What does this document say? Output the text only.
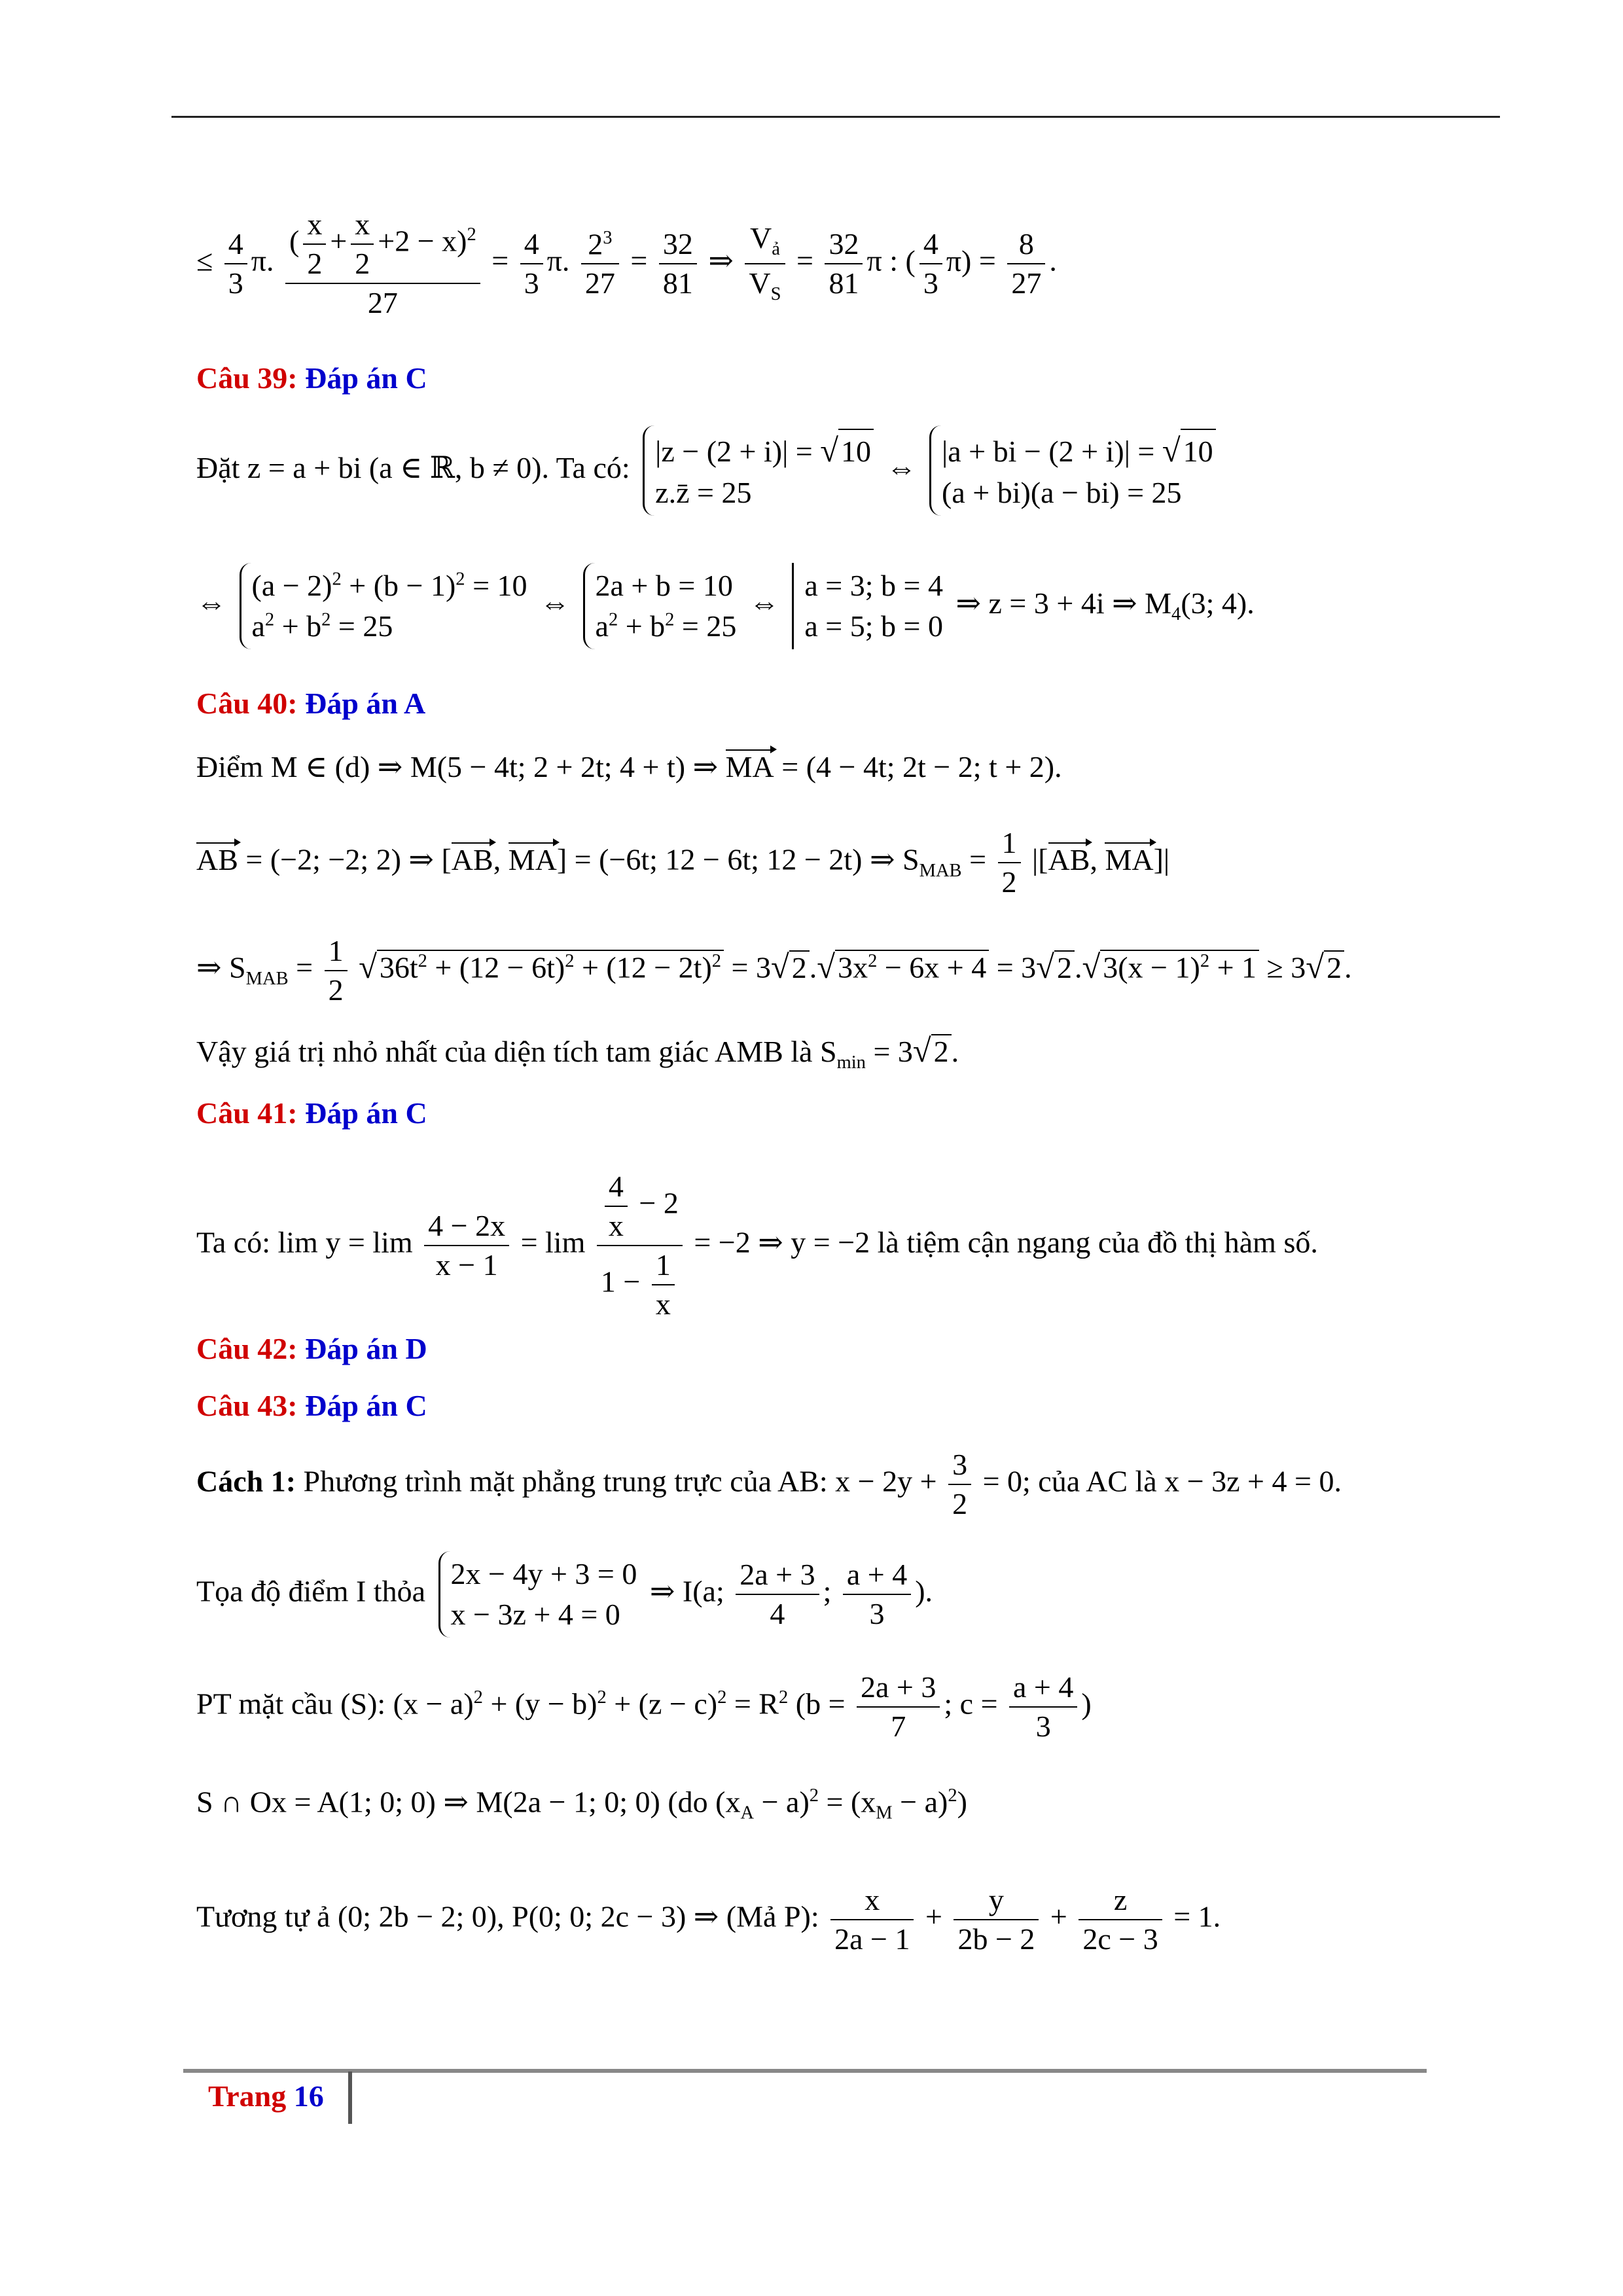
≤ $\frac{4}{3} \pi$. $\frac{( \frac{x}{2} + \frac{x}{2} +2 - x)^2}{27} = \frac{4}{3} \pi$. $\frac{2^3}{27} = \frac{32}{81}$ ⇒ $\frac{V_ả}{V_S} = \frac{32}{81}$ π : ( $\frac{4}{3} \pi) = \frac{8}{27}$ .
Câu 39: Đáp án C
Đặt z = a + bi (a ∈ ℝ, b ≠ 0). Ta có: |z − (2 + i)| = √10
z.z̄ = 25
⇔ |a + bi − (2 + i)| = √10
(a + bi)(a − bi) = 25
⇔
$(a - 2)^2 + (b - 1)^2 = 10$
$a^2 + b^2 = 25$
⇔
2a + b = 10
$a^2 + b^2 = 25$
⇔
a = 3; b = 4
a = 5; b = 0
⇒ z = 3 + 4i ⇒ $M_4(3$; 4).
Câu 40: Đáp án A
Điểm M ∈ (d) ⇒ M(5 − 4t; 2 + 2t; 4 + t) ⇒ MA = (4 − 4t; 2t − 2; t + 2).
AB = (−2; −2; 2) ⇒ [AB, MA] = (−6t; 12 − 6t; 12 − 2t) ⇒ $S_{MAB} = \frac{1}{2} |[AB$, MA]|
⇒ $S_{MAB} = \frac{1}{2} √36t^2 + (12 - 6t)^2 + (12 - 2t)^2 = 3√2.√3x^2 - 6x + 4 = 3√2.√3(x - 1)^2 + 1 \ge 3√2$.
Vậy giá trị nhỏ nhất của diện tích tam giác AMB là $S_{min} = 3√2$.
Câu 41: Đáp án C
Ta có: $\lim y = \lim \frac{4 - 2x}{x - 1} = \lim \frac{\frac{4}{x} - 2}{1 - \frac{1}{x}} = -2$ ⇒ y = −2 là tiệm cận ngang của đồ thị hàm số.
Câu 42: Đáp án D
Câu 43: Đáp án C
Cách 1: Phương trình mặt phẳng trung trực của AB: $x - 2y + \frac{3}{2} = 0$; của AC là x − 3z + 4 = 0.
Tọa độ điểm I thỏa
2x − 4y + 3 = 0
x − 3z + 4 = 0
⇒ I(a; $\frac{2a + 3}{4}$ ; $\frac{a + 4}{3}$ ).
PT mặt cầu (S): $(x - a)^2 + (y - b)^2 + (z - c)^2 = R^2$ ($b = \frac{2a + 3}{7}$ ; $c = \frac{a + 4}{3}$ )
S ∩ Ox = A(1; 0; 0) ⇒ M(2a − 1; 0; 0) (do $(x_A - a)^2 = (x_M - a)^2$)
Tương tự ả (0; 2b − 2; 0), P(0; 0; 2c − 3) ⇒ (Mả P): $\frac{x}{2a - 1} + \frac{y}{2b - 2} + \frac{z}{2c - 3} = 1$.
Trang 16
